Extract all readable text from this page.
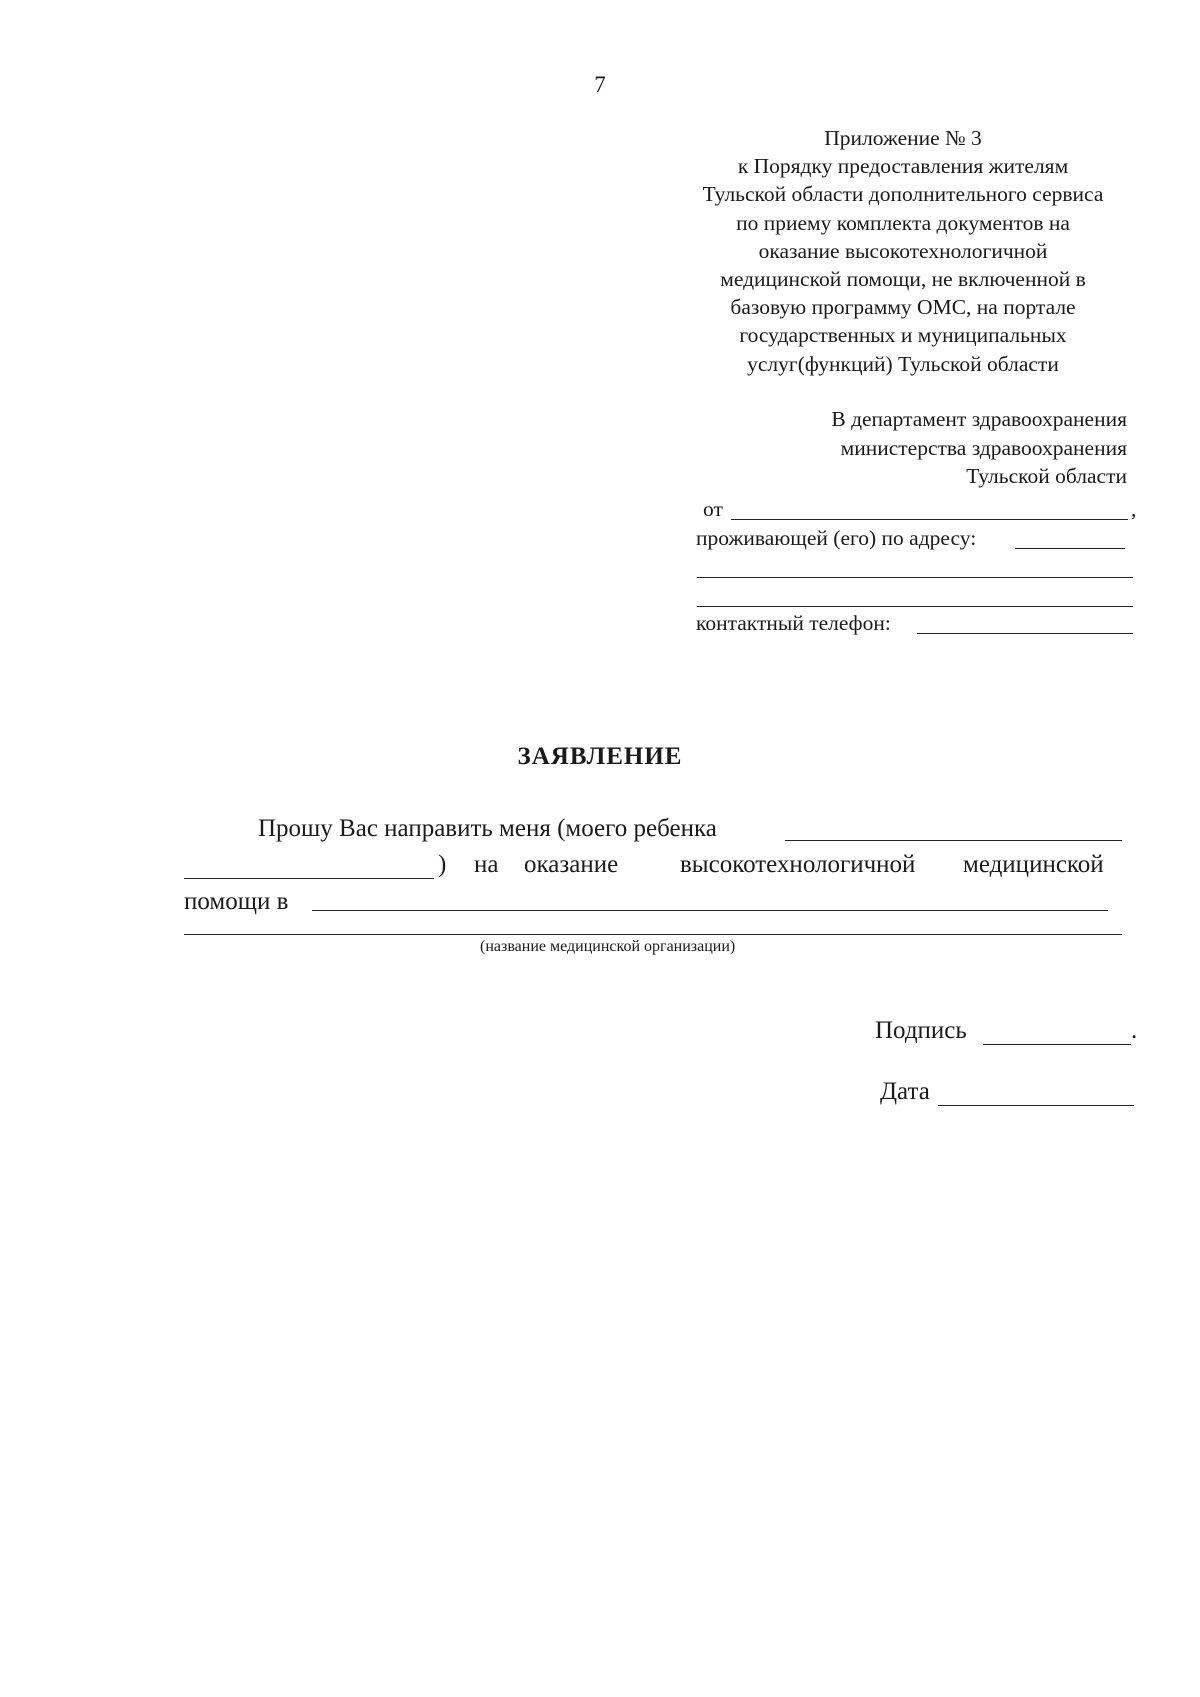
7
Приложение № 3
к Порядку предоставления жителям
Тульской области дополнительного сервиса
по приему комплекта документов на
оказание высокотехнологичной
медицинской помощи, не включенной в
базовую программу ОМС, на портале
государственных и муниципальных
услуг(функций) Тульской области
В департамент здравоохранения
министерства здравоохранения
Тульской области
от	,
проживающей (его) по адресу:
контактный телефон:
ЗАЯВЛЕНИЕ
Прошу Вас направить меня (моего ребенка
) на оказание высокотехнологичной медицинской
помощи в
(название медицинской организации)
Подпись	.
Дата
